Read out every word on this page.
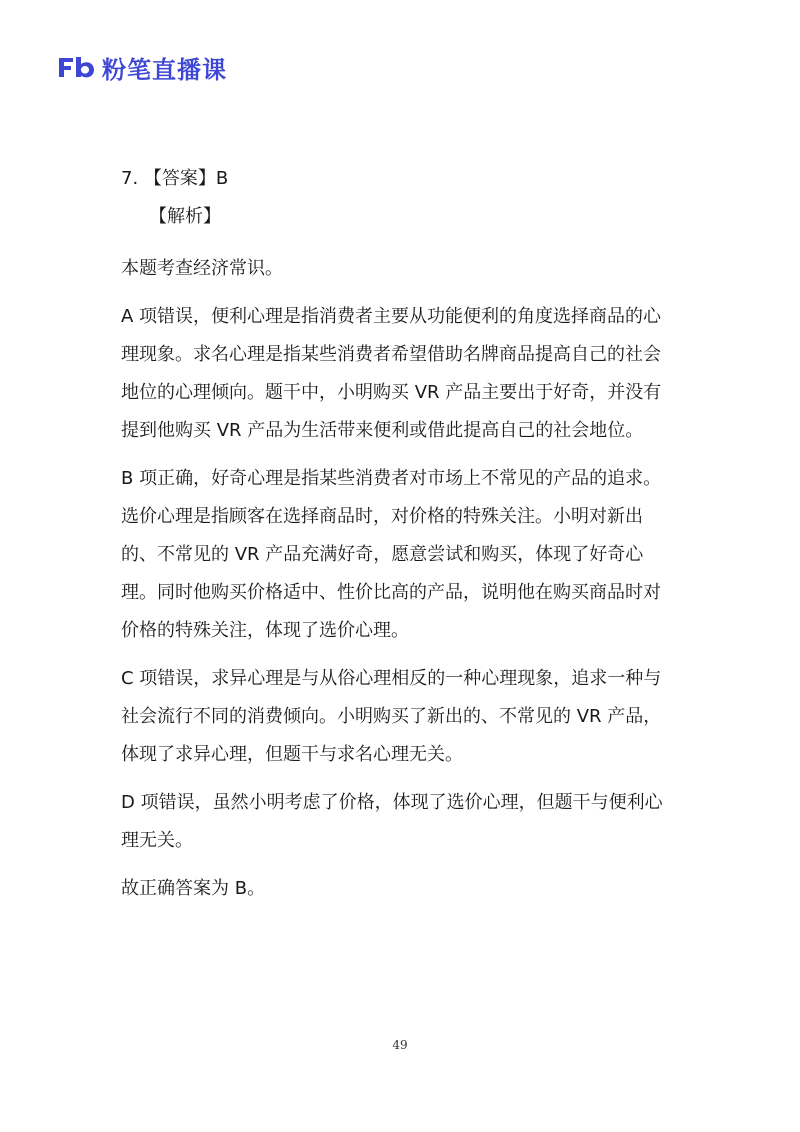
粉笔直播课
7. 【答案】B
【解析】
本题考查经济常识。
A 项错误，便利心理是指消费者主要从功能便利的角度选择商品的心
理现象。求名心理是指某些消费者希望借助名牌商品提高自己的社会
地位的心理倾向。题干中，小明购买 VR 产品主要出于好奇，并没有
提到他购买 VR 产品为生活带来便利或借此提高自己的社会地位。
B 项正确，好奇心理是指某些消费者对市场上不常见的产品的追求。
选价心理是指顾客在选择商品时，对价格的特殊关注。小明对新出
的、不常见的 VR 产品充满好奇，愿意尝试和购买，体现了好奇心
理。同时他购买价格适中、性价比高的产品，说明他在购买商品时对
价格的特殊关注，体现了选价心理。
C 项错误，求异心理是与从俗心理相反的一种心理现象，追求一种与
社会流行不同的消费倾向。小明购买了新出的、不常见的 VR 产品，
体现了求异心理，但题干与求名心理无关。
D 项错误，虽然小明考虑了价格，体现了选价心理，但题干与便利心
理无关。
故正确答案为 B。
49
